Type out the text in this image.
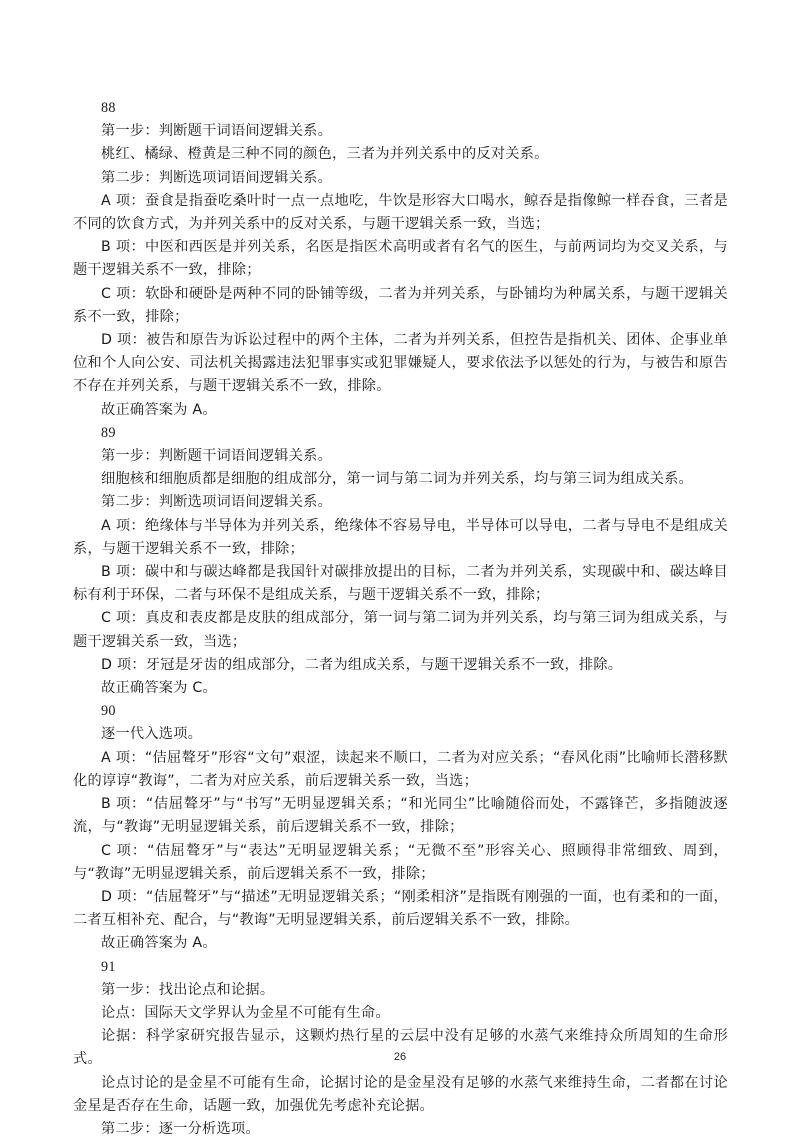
88

第一步：判断题干词语间逻辑关系。

桃红、橘绿、橙黄是三种不同的颜色，三者为并列关系中的反对关系。

第二步：判断选项词语间逻辑关系。

A 项：蚕食是指蚕吃桑叶时一点一点地吃，牛饮是形容大口喝水，鲸吞是指像鲸一样吞食，三者是不同的饮食方式，为并列关系中的反对关系，与题干逻辑关系一致，当选；

B 项：中医和西医是并列关系，名医是指医术高明或者有名气的医生，与前两词均为交叉关系，与题干逻辑关系不一致，排除；

C 项：软卧和硬卧是两种不同的卧铺等级，二者为并列关系，与卧铺均为种属关系，与题干逻辑关系不一致，排除；

D 项：被告和原告为诉讼过程中的两个主体，二者为并列关系，但控告是指机关、团体、企事业单位和个人向公安、司法机关揭露违法犯罪事实或犯罪嫌疑人，要求依法予以惩处的行为，与被告和原告不存在并列关系，与题干逻辑关系不一致，排除。

故正确答案为 A。

89

第一步：判断题干词语间逻辑关系。

细胞核和细胞质都是细胞的组成部分，第一词与第二词为并列关系，均与第三词为组成关系。

第二步：判断选项词语间逻辑关系。

A 项：绝缘体与半导体为并列关系，绝缘体不容易导电，半导体可以导电，二者与导电不是组成关系，与题干逻辑关系不一致，排除；

B 项：碳中和与碳达峰都是我国针对碳排放提出的目标，二者为并列关系，实现碳中和、碳达峰目标有利于环保，二者与环保不是组成关系，与题干逻辑关系不一致，排除；

C 项：真皮和表皮都是皮肤的组成部分，第一词与第二词为并列关系，均与第三词为组成关系，与题干逻辑关系一致，当选；

D 项：牙冠是牙齿的组成部分，二者为组成关系，与题干逻辑关系不一致，排除。

故正确答案为 C。

90

逐一代入选项。

A 项：“佶屈聱牙”形容“文句”艰涩，读起来不顺口，二者为对应关系；“春风化雨”比喻师长潜移默化的谆谆“教诲”，二者为对应关系，前后逻辑关系一致，当选；

B 项：“佶屈聱牙”与“书写”无明显逻辑关系；“和光同尘”比喻随俗而处，不露锋芒，多指随波逐流，与“教诲”无明显逻辑关系，前后逻辑关系不一致，排除；

C 项：“佶屈聱牙”与“表达”无明显逻辑关系；“无微不至”形容关心、照顾得非常细致、周到，与“教诲”无明显逻辑关系，前后逻辑关系不一致，排除；

D 项：“佶屈聱牙”与“描述”无明显逻辑关系；“刚柔相济”是指既有刚强的一面，也有柔和的一面，二者互相补充、配合，与“教诲”无明显逻辑关系，前后逻辑关系不一致，排除。

故正确答案为 A。

91

第一步：找出论点和论据。

论点：国际天文学界认为金星不可能有生命。

论据：科学家研究报告显示，这颗灼热行星的云层中没有足够的水蒸气来维持众所周知的生命形式。

论点讨论的是金星不可能有生命，论据讨论的是金星没有足够的水蒸气来维持生命，二者都在讨论金星是否存在生命，话题一致，加强优先考虑补充论据。

第二步：逐一分析选项。

26
